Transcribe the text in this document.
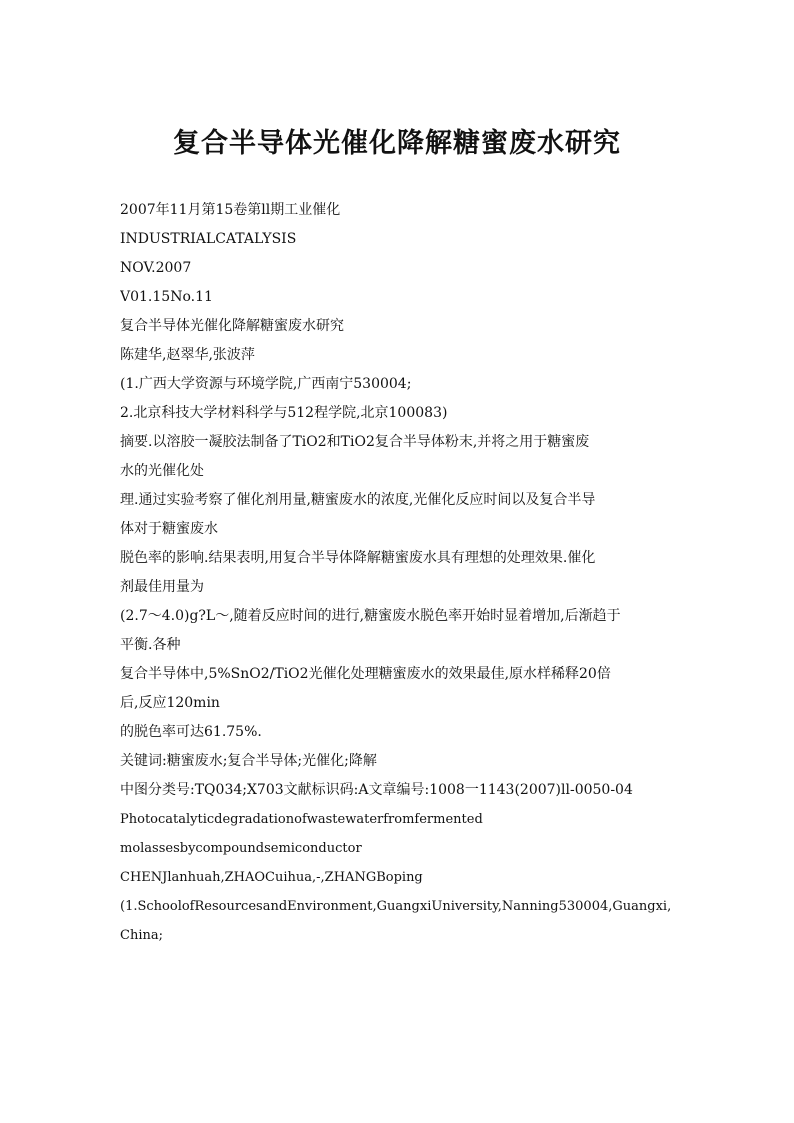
复合半导体光催化降解糖蜜废水研究
2007年11月第15卷第ll期工业催化
INDUSTRIALCATALYSIS
NOV.2007
V01.15No.11
复合半导体光催化降解糖蜜废水研究
陈建华,赵翠华,张波萍
(1.广西大学资源与环境学院,广西南宁530004;
2.北京科技大学材料科学与512程学院,北京100083)
摘要.以溶胶一凝胶法制备了TiO2和TiO2复合半导体粉末,并将之用于糖蜜废
水的光催化处
理.通过实验考察了催化剂用量,糖蜜废水的浓度,光催化反应时间以及复合半导
体对于糖蜜废水
脱色率的影响.结果表明,用复合半导体降解糖蜜废水具有理想的处理效果.催化
剂最佳用量为
(2.7～4.0)g?L～,随着反应时间的进行,糖蜜废水脱色率开始时显着增加,后渐趋于
平衡.各种
复合半导体中,5%SnO2/TiO2光催化处理糖蜜废水的效果最佳,原水样稀释20倍
后,反应120min
的脱色率可达61.75%.
关键词:糖蜜废水;复合半导体;光催化;降解
中图分类号:TQ034;X703文献标识码:A文章编号:1008一1143(2007)ll-0050-04
Photocatalyticdegradationofwastewaterfromfermented
molassesbycompoundsemiconductor
CHENJlanhuah,ZHAOCuihua,-,ZHANGBoping
(1.SchoolofResourcesandEnvironment,GuangxiUniversity,Nanning530004,Guangxi,
China;
